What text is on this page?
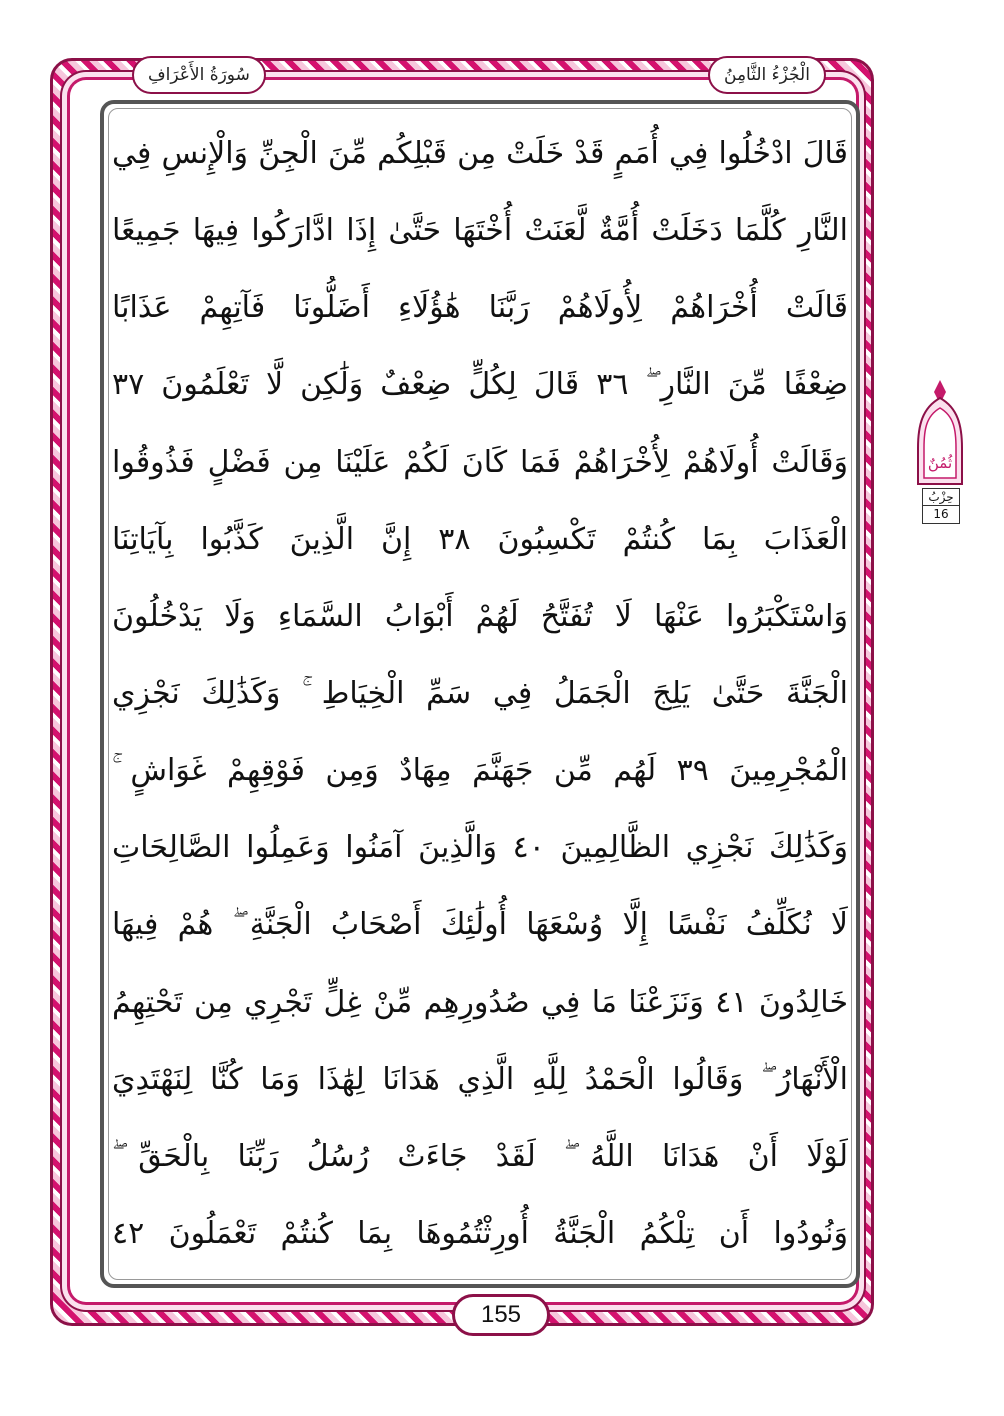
الْجُزْءُ الثَّامِنُ
سُورَةُ الأَعْرَافِ
قَالَ ادْخُلُوا فِي أُمَمٍ قَدْ خَلَتْ مِن قَبْلِكُم مِّنَ الْجِنِّ وَالْإِنسِ فِي
النَّارِ كُلَّمَا دَخَلَتْ أُمَّةٌ لَّعَنَتْ أُخْتَهَا حَتَّىٰ إِذَا ادَّارَكُوا فِيهَا جَمِيعًا
قَالَتْ أُخْرَاهُمْ لِأُولَاهُمْ رَبَّنَا هَٰؤُلَاءِ أَضَلُّونَا فَآتِهِمْ عَذَابًا
ضِعْفًا مِّنَ النَّارِ ۖ ٣٦ قَالَ لِكُلٍّ ضِعْفٌ وَلَٰكِن لَّا تَعْلَمُونَ ٣٧
وَقَالَتْ أُولَاهُمْ لِأُخْرَاهُمْ فَمَا كَانَ لَكُمْ عَلَيْنَا مِن فَضْلٍ فَذُوقُوا
الْعَذَابَ بِمَا كُنتُمْ تَكْسِبُونَ ٣٨ إِنَّ الَّذِينَ كَذَّبُوا بِآيَاتِنَا
وَاسْتَكْبَرُوا عَنْهَا لَا تُفَتَّحُ لَهُمْ أَبْوَابُ السَّمَاءِ وَلَا يَدْخُلُونَ
الْجَنَّةَ حَتَّىٰ يَلِجَ الْجَمَلُ فِي سَمِّ الْخِيَاطِ ۚ وَكَذَٰلِكَ نَجْزِي
الْمُجْرِمِينَ ٣٩ لَهُم مِّن جَهَنَّمَ مِهَادٌ وَمِن فَوْقِهِمْ غَوَاشٍ ۚ
وَكَذَٰلِكَ نَجْزِي الظَّالِمِينَ ٤٠ وَالَّذِينَ آمَنُوا وَعَمِلُوا الصَّالِحَاتِ
لَا نُكَلِّفُ نَفْسًا إِلَّا وُسْعَهَا أُولَٰئِكَ أَصْحَابُ الْجَنَّةِ ۖ هُمْ فِيهَا
خَالِدُونَ ٤١ وَنَزَعْنَا مَا فِي صُدُورِهِم مِّنْ غِلٍّ تَجْرِي مِن تَحْتِهِمُ
الْأَنْهَارُ ۖ وَقَالُوا الْحَمْدُ لِلَّهِ الَّذِي هَدَانَا لِهَٰذَا وَمَا كُنَّا لِنَهْتَدِيَ
لَوْلَا أَنْ هَدَانَا اللَّهُ ۖ لَقَدْ جَاءَتْ رُسُلُ رَبِّنَا بِالْحَقِّ ۖ
وَنُودُوا أَن تِلْكُمُ الْجَنَّةُ أُورِثْتُمُوهَا بِمَا كُنتُمْ تَعْمَلُونَ ٤٢
ثُمُنٌ
حِزْبُ
16
155
